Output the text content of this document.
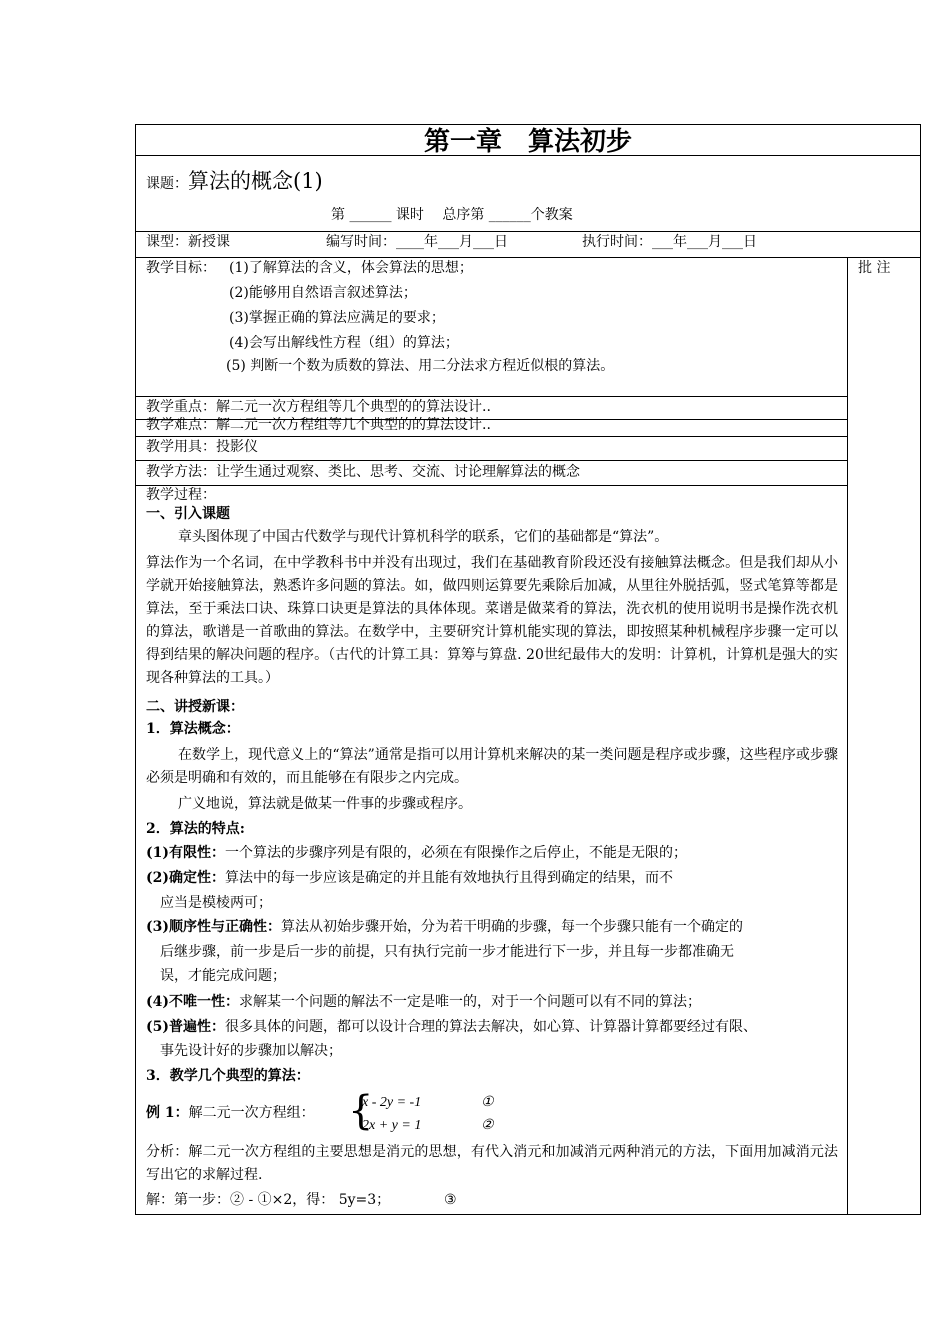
第一章　算法初步
课题：算法的概念(1)
第 ______ 课时　 总序第 ______个教案
课型：新授课	编写时间：____年___月___日	执行时间：___年___月___日
批 注
教学目标： (1)了解算法的含义，体会算法的思想；
(2)能够用自然语言叙述算法；
(3)掌握正确的算法应满足的要求；
(4)会写出解线性方程（组）的算法；
(5) 判断一个数为质数的算法、用二分法求方程近似根的算法。
教学重点：解二元一次方程组等几个典型的的算法设计..
教学难点：解二元一次方程组等几个典型的的算法设计..
教学用具：投影仪
教学方法：让学生通过观察、类比、思考、交流、讨论理解算法的概念
教学过程：
一、引入课题
章头图体现了中国古代数学与现代计算机科学的联系，它们的基础都是“算法”。
算法作为一个名词，在中学教科书中并没有出现过，我们在基础教育阶段还没有接触算法概念。但是我们却从小学就开始接触算法，熟悉许多问题的算法。如，做四则运算要先乘除后加减，从里往外脱括弧，竖式笔算等都是算法，至于乘法口诀、珠算口诀更是算法的具体体现。菜谱是做菜肴的算法，洗衣机的使用说明书是操作洗衣机的算法，歌谱是一首歌曲的算法。在数学中，主要研究计算机能实现的算法，即按照某种机械程序步骤一定可以得到结果的解决问题的程序。（古代的计算工具：算筹与算盘. 20世纪最伟大的发明：计算机，计算机是强大的实现各种算法的工具。）
二、讲授新课：
1．算法概念：
在数学上，现代意义上的“算法”通常是指可以用计算机来解决的某一类问题是程序或步骤，这些程序或步骤必须是明确和有效的，而且能够在有限步之内完成。
广义地说，算法就是做某一件事的步骤或程序。
2．算法的特点:
(1)有限性：一个算法的步骤序列是有限的，必须在有限操作之后停止，不能是无限的；
(2)确定性：算法中的每一步应该是确定的并且能有效地执行且得到确定的结果，而不
应当是模棱两可；
(3)顺序性与正确性：算法从初始步骤开始，分为若干明确的步骤，每一个步骤只能有一个确定的
后继步骤，前一步是后一步的前提，只有执行完前一步才能进行下一步，并且每一步都准确无
误，才能完成问题；
(4)不唯一性：求解某一个问题的解法不一定是唯一的，对于一个问题可以有不同的算法；
(5)普遍性：很多具体的问题，都可以设计合理的算法去解决，如心算、计算器计算都要经过有限、
事先设计好的步骤加以解决；
3．教学几个典型的算法：
例 1：解二元一次方程组： {
x - 2y = -1	①
2x + y = 1	②
分析：解二元一次方程组的主要思想是消元的思想，有代入消元和加减消元两种消元的方法，下面用加减消元法写出它的求解过程.
解：第一步：② - ①×2，得： 5y=3；	③
